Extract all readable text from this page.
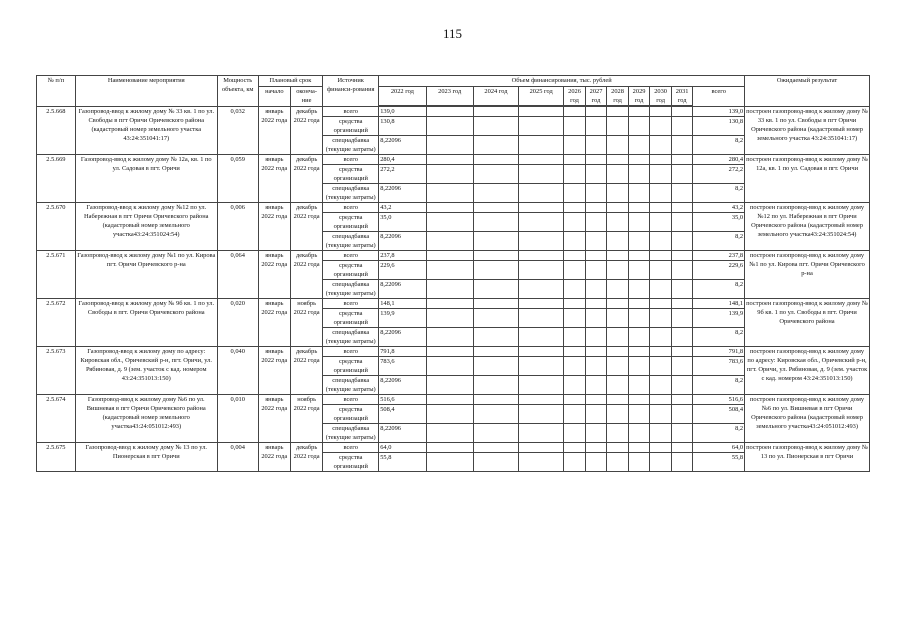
115
№ п/п	Наименование мероприятия	Мощность объекта, км	Плановый срок		Источник финанси-рования	Объем финансирования, тыс. рублей											Ожидаемый результат
			начало	оконча-ние		2022 год	2023 год	2024 год	2025 год	2026 год	2027 год	2028 год	2029 год	2030 год	2031 год	всего	

2.5.668	Газопровод-ввод к жилому дому № 33 кв. 1 по ул. Свободы в пгт Оричи Оричевского района (кадастровый номер земельного участка 43:24:351041:17)	0,032	январь 2022 года	декабрь 2022 года	всего	139,0										139,0	построен газопровод-ввод к жилому дому № 33 кв. 1 по ул. Свободы в пгт Оричи Оричевского района (кадастровый номер земельного участка 43:24:351041:17)
					средства организаций	130,8										130,8	
					спецнадбавка (текущие затраты)	8,22096										8,2	
2.5.669	Газопровод-ввод к жилому дому № 12а, кв. 1 по ул. Садовая в пгт. Оричи	0,059	январь 2022 года	декабрь 2022 года	всего	280,4										280,4	построен газопровод-ввод к жилому дому № 12а, кв. 1 по ул. Садовая в пгт. Оричи
					средства организаций	272,2										272,2	
					спецнадбавка (текущие затраты)	8,22096										8,2	
2.5.670	Газопровод-ввод к жилому дому №12 по ул. Набережная в пгт Оричи Оричевского района (кадастровый номер земельного участка43:24:351024:54)	0,006	январь 2022 года	декабрь 2022 года	всего	43,2										43,2	построен газопровод-ввод к жилому дому №12 по ул. Набережная в пгт Оричи Оричевского района (кадастровый номер земельного участка43:24:351024:54)
					средства организаций	35,0										35,0	
					спецнадбавка (текущие затраты)	8,22096										8,2	
2.5.671	Газопровод-ввод к жилому дому №1 по ул. Кирова пгт. Оричи Оричевского р-на	0,064	январь 2022 года	декабрь 2022 года	всего	237,8										237,8	построен газопровод-ввод к жилому дому №1 по ул. Кирова пгт. Оричи Оричевского р-на
					средства организаций	229,6										229,6	
					спецнадбавка (текущие затраты)	8,22096										8,2	
2.5.672	Газопровод-ввод к жилому дому № 9б кв. 1 по ул. Свободы в пгт. Оричи Оричевского района	0,020	январь 2022 года	ноябрь 2022 года	всего	148,1										148,1	построен газопровод-ввод к жилому дому № 9б кв. 1 по ул. Свободы в пгт. Оричи Оричевского района
					средства организаций	139,9										139,9	
					спецнадбавка (текущие затраты)	8,22096										8,2	
2.5.673	Газопровод-ввод к жилому дому по адресу: Кировская обл., Оричевский р-н, пгт. Оричи, ул. Рябиновая, д. 9 (зем. участок с кад. номером 43:24:351013:150)	0,040	январь 2022 года	декабрь 2022 года	всего	791,8										791,8	построен газопровод-ввод к жилому дому по адресу: Кировская обл., Оричевский р-н, пгт. Оричи, ул. Рябиновая, д. 9 (зем. участок с кад. номером 43:24:351013:150)
					средства организаций	783,6										783,6	
					спецнадбавка (текущие затраты)	8,22096										8,2	
2.5.674	Газопровод-ввод к жилому дому №6 по ул. Вишневая в пгт Оричи Оричевского района (кадастровый номер земельного участка43:24:051012:493)	0,010	январь 2022 года	ноябрь 2022 года	всего	516,6										516,6	построен газопровод-ввод к жилому дому №6 по ул. Вишневая в пгт Оричи Оричевского района (кадастровый номер земельного участка43:24:051012:493)
					средства организаций	508,4										508,4	
					спецнадбавка (текущие затраты)	8,22096										8,2	
2.5.675	Газопровод-ввод к жилому дому № 13 по ул. Пионерская в пгт Оричи	0,004	январь 2022 года	декабрь 2022 года	всего	64,0										64,0	построен газопровод-ввод к жилому дому № 13 по ул. Пионерская в пгт Оричи
					средства организаций	55,8										55,8	
